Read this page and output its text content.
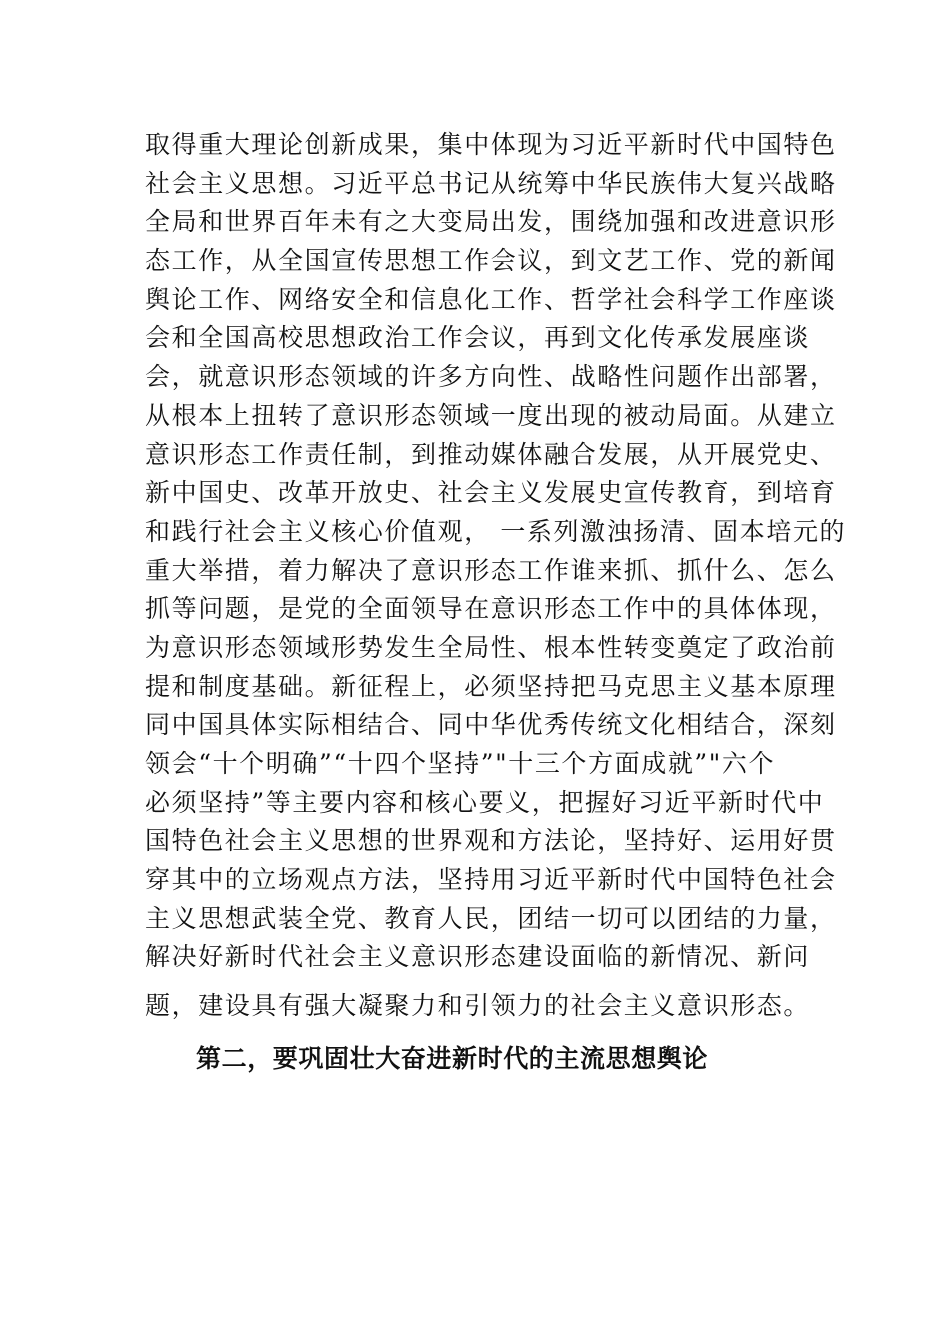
取得重大理论创新成果，集中体现为习近平新时代中国特色
社会主义思想。习近平总书记从统筹中华民族伟大复兴战略
全局和世界百年未有之大变局出发，围绕加强和改进意识形
态工作，从全国宣传思想工作会议，到文艺工作、党的新闻
舆论工作、网络安全和信息化工作、哲学社会科学工作座谈
会和全国高校思想政治工作会议，再到文化传承发展座谈
会，就意识形态领域的许多方向性、战略性问题作出部署，
从根本上扭转了意识形态领域一度出现的被动局面。从建立
意识形态工作责任制，到推动媒体融合发展，从开展党史、
新中国史、改革开放史、社会主义发展史宣传教育，到培育
和践行社会主义核心价值观， 一系列激浊扬清、固本培元的
重大举措，着力解决了意识形态工作谁来抓、抓什么、怎么
抓等问题，是党的全面领导在意识形态工作中的具体体现，
为意识形态领域形势发生全局性、根本性转变奠定了政治前
提和制度基础。新征程上，必须坚持把马克思主义基本原理
同中国具体实际相结合、同中华优秀传统文化相结合，深刻
领会“十个明确”“十四个坚持”"十三个方面成就”"六个
必须坚持”等主要内容和核心要义，把握好习近平新时代中
国特色社会主义思想的世界观和方法论，坚持好、运用好贯
穿其中的立场观点方法，坚持用习近平新时代中国特色社会
主义思想武装全党、教育人民，团结一切可以团结的力量，
解决好新时代社会主义意识形态建设面临的新情况、新问
题，建设具有强大凝聚力和引领力的社会主义意识形态。
第二，要巩固壮大奋进新时代的主流思想舆论
